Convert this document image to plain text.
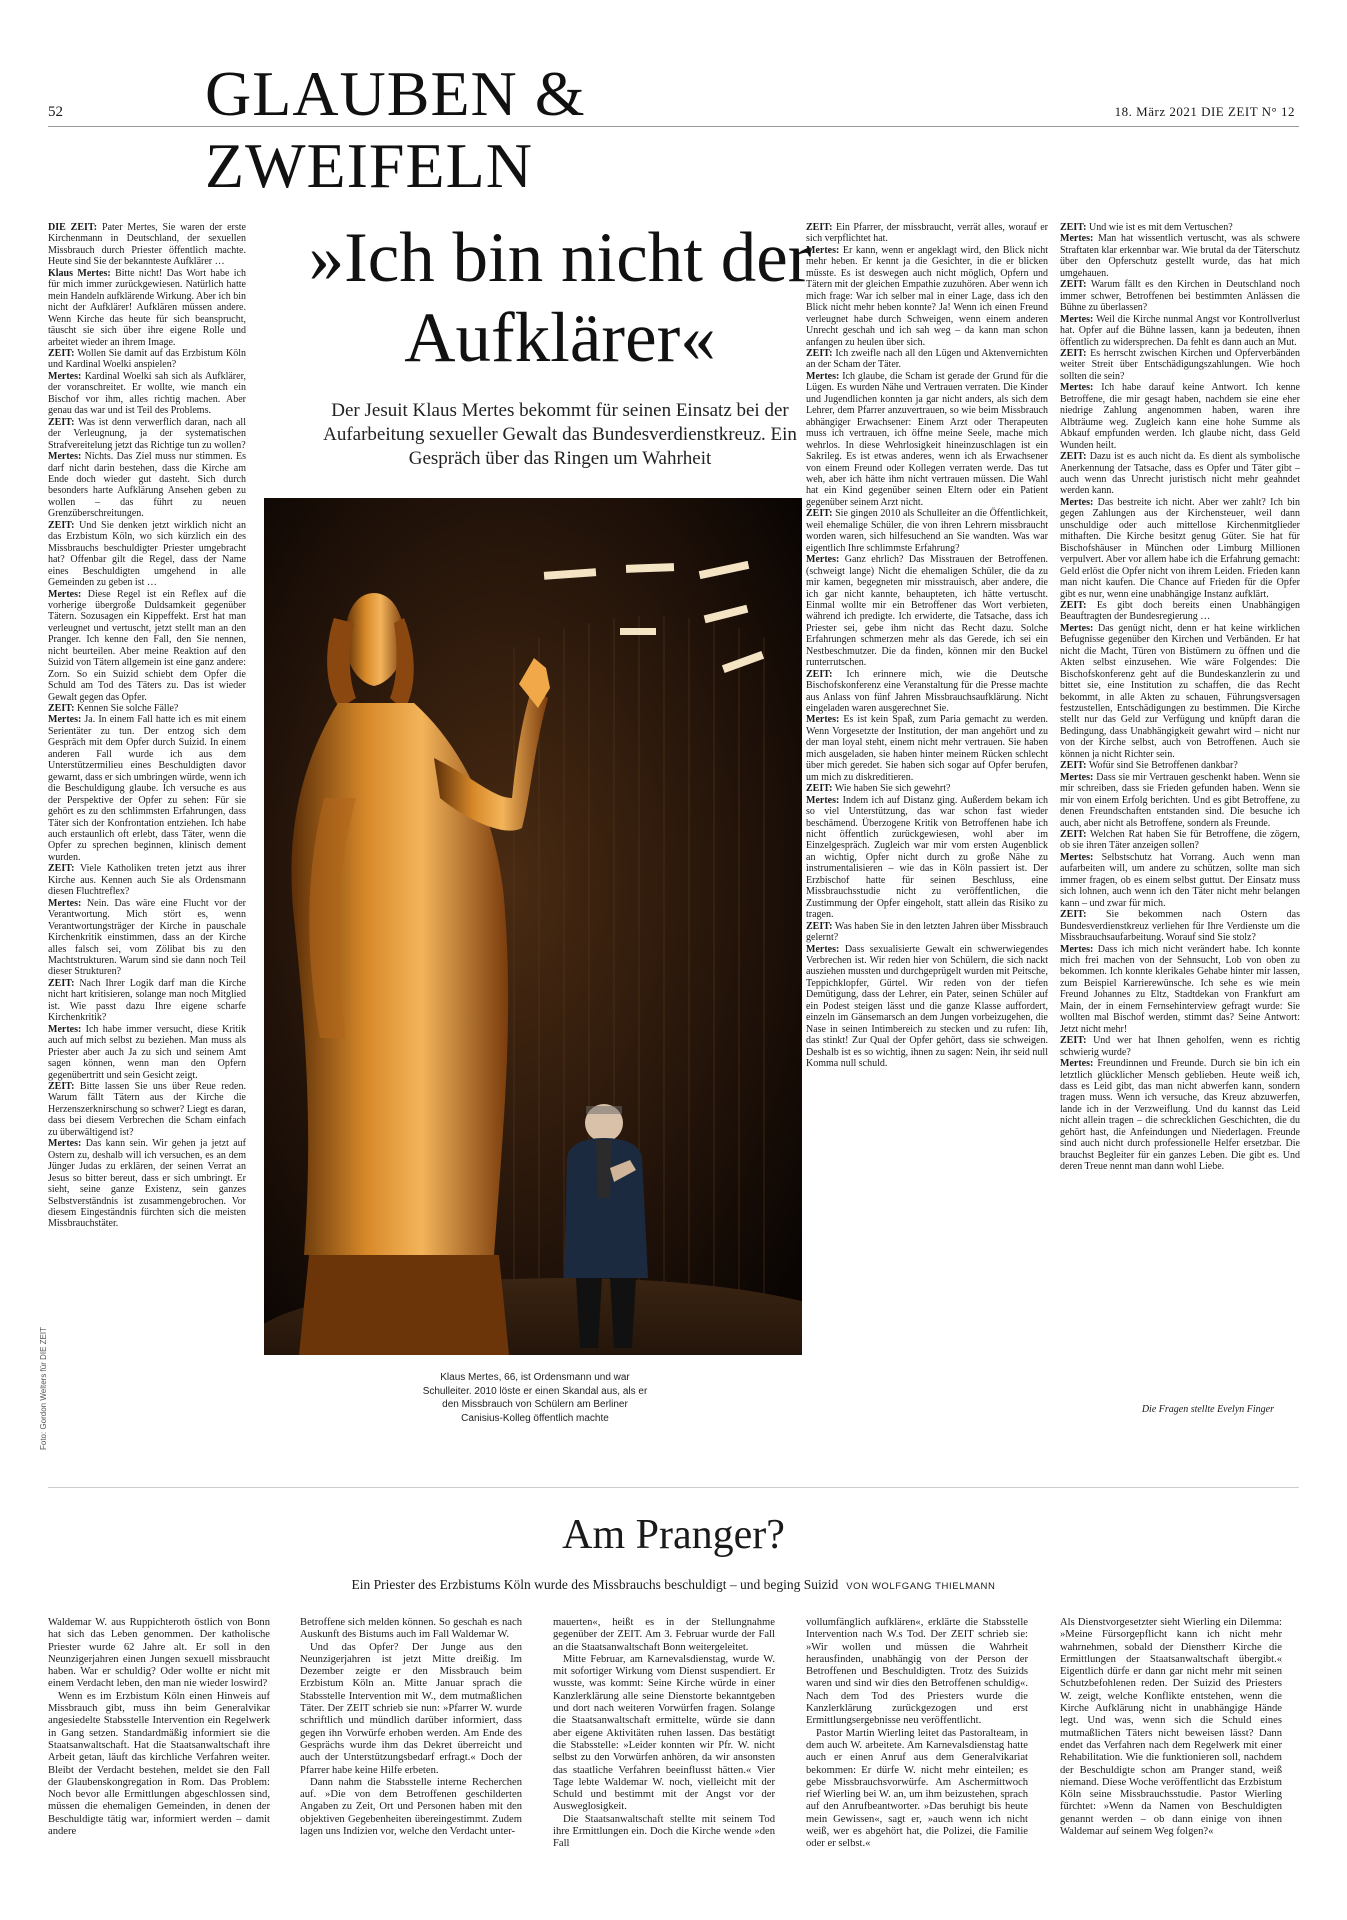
GLAUBEN & ZWEIFELN
52	18. März 2021 DIE ZEIT N° 12
»Ich bin nicht der Aufklärer«
Der Jesuit Klaus Mertes bekommt für seinen Einsatz bei der Aufarbeitung sexueller Gewalt das Bundesverdienstkreuz. Ein Gespräch über das Ringen um Wahrheit

DIE ZEIT: Pater Mertes, Sie waren der erste Kirchenmann in Deutschland, der sexuellen Missbrauch durch Priester öffentlich machte. Heute sind Sie der bekannteste Aufklärer …

Klaus Mertes: Bitte nicht! Das Wort habe ich für mich immer zurückgewiesen. Natürlich hatte mein Handeln aufklärende Wirkung. Aber ich bin nicht der Aufklärer! Aufklären müssen andere. Wenn Kirche das heute für sich beansprucht, täuscht sie sich über ihre eigene Rolle und arbeitet wieder an ihrem Image.

ZEIT: Wollen Sie damit auf das Erzbistum Köln und Kardinal Woelki anspielen?

Mertes: Kardinal Woelki sah sich als Aufklärer, der voranschreitet. Er wollte, wie manch ein Bischof vor ihm, alles richtig machen. Aber genau das war und ist Teil des Problems.

ZEIT: Was ist denn verwerflich daran, nach all der Verleugnung, ja der systematischen Strafvereitelung jetzt das Richtige tun zu wollen?

Mertes: Nichts. Das Ziel muss nur stimmen. Es darf nicht darin bestehen, dass die Kirche am Ende doch wieder gut dasteht. Sich durch besonders harte Aufklärung Ansehen geben zu wollen – das führt zu neuen Grenzüberschreitungen.

ZEIT: Und Sie denken jetzt wirklich nicht an das Erzbistum Köln, wo sich kürzlich ein des Missbrauchs beschuldigter Priester umgebracht hat? Offenbar gilt die Regel, dass der Name eines Beschuldigten umgehend in alle Gemeinden zu geben ist …

Mertes: Diese Regel ist ein Reflex auf die vorherige übergroße Duldsamkeit gegenüber Tätern. Sozusagen ein Kippeffekt. Erst hat man verleugnet und vertuscht, jetzt stellt man an den Pranger. Ich kenne den Fall, den Sie nennen, nicht beurteilen. Aber meine Reaktion auf den Suizid von Tätern allgemein ist eine ganz andere: Zorn. So ein Suizid schiebt dem Opfer die Schuld am Tod des Täters zu. Das ist wieder Gewalt gegen das Opfer.

ZEIT: Kennen Sie solche Fälle?

Mertes: Ja. In einem Fall hatte ich es mit einem Serientäter zu tun. Der entzog sich dem Gespräch mit dem Opfer durch Suizid. In einem anderen Fall wurde ich aus dem Unterstützermilieu eines Beschuldigten davor gewarnt, dass er sich umbringen würde, wenn ich die Beschuldigung glaube. Ich versuche es aus der Perspektive der Opfer zu sehen: Für sie gehört es zu den schlimmsten Erfahrungen, dass Täter sich der Konfrontation entziehen. Ich habe auch erstaunlich oft erlebt, dass Täter, wenn die Opfer zu sprechen beginnen, klinisch dement wurden.

ZEIT: Viele Katholiken treten jetzt aus ihrer Kirche aus. Kennen auch Sie als Ordensmann diesen Fluchtreflex?

Mertes: Nein. Das wäre eine Flucht vor der Verantwortung. Mich stört es, wenn Verantwortungsträger der Kirche in pauschale Kirchenkritik einstimmen, dass an der Kirche alles falsch sei, vom Zölibat bis zu den Machtstrukturen. Warum sind sie dann noch Teil dieser Strukturen?

ZEIT: Nach Ihrer Logik darf man die Kirche nicht hart kritisieren, solange man noch Mitglied ist. Wie passt dazu Ihre eigene scharfe Kirchenkritik?

Mertes: Ich habe immer versucht, diese Kritik auch auf mich selbst zu beziehen. Man muss als Priester aber auch Ja zu sich und seinem Amt sagen können, wenn man den Opfern gegenübertritt und sein Gesicht zeigt.

ZEIT: Bitte lassen Sie uns über Reue reden. Warum fällt Tätern aus der Kirche die Herzenszerknirschung so schwer? Liegt es daran, dass bei diesem Verbrechen die Scham einfach zu überwältigend ist?

Mertes: Das kann sein. Wir gehen ja jetzt auf Ostern zu, deshalb will ich versuchen, es an dem Jünger Judas zu erklären, der seinen Verrat an Jesus so bitter bereut, dass er sich umbringt. Er sieht, seine ganze Existenz, sein ganzes Selbstverständnis ist zusammengebrochen. Vor diesem Eingeständnis fürchten sich die meisten Missbrauchstäter.

ZEIT: Ein Pfarrer, der missbraucht, verrät alles, worauf er sich verpflichtet hat.

Mertes: Er kann, wenn er angeklagt wird, den Blick nicht mehr heben. Er kennt ja die Gesichter, in die er blicken müsste. Es ist deswegen auch nicht möglich, Opfern und Tätern mit der gleichen Empathie zuzuhören. Aber wenn ich mich frage: War ich selber mal in einer Lage, dass ich den Blick nicht mehr heben konnte? Ja! Wenn ich einen Freund verleugnet habe durch Schweigen, wenn einem anderen Unrecht geschah und ich sah weg – da kann man schon anfangen zu heulen über sich.

ZEIT: Ich zweifle nach all den Lügen und Aktenvernichten an der Scham der Täter.

Mertes: Ich glaube, die Scham ist gerade der Grund für die Lügen. Es wurden Nähe und Vertrauen verraten. Die Kinder und Jugendlichen konnten ja gar nicht anders, als sich dem Lehrer, dem Pfarrer anzuvertrauen, so wie beim Missbrauch abhängiger Erwachsener: Einem Arzt oder Therapeuten muss ich vertrauen, ich öffne meine Seele, mache mich wehrlos. In diese Wehrlosigkeit hineinzuschlagen ist ein Sakrileg. Es ist etwas anderes, wenn ich als Erwachsener von einem Freund oder Kollegen verraten werde. Das tut weh, aber ich hätte ihm nicht vertrauen müssen. Die Wahl hat ein Kind gegenüber seinen Eltern oder ein Patient gegenüber seinem Arzt nicht.

ZEIT: Sie gingen 2010 als Schulleiter an die Öffentlichkeit, weil ehemalige Schüler, die von ihren Lehrern missbraucht worden waren, sich hilfesuchend an Sie wandten. Was war eigentlich Ihre schlimmste Erfahrung?

Mertes: Ganz ehrlich? Das Misstrauen der Betroffenen. (schweigt lange) Nicht die ehemaligen Schüler, die da zu mir kamen, begegneten mir misstrauisch, aber andere, die ich gar nicht kannte, behaupteten, ich hätte vertuscht. Einmal wollte mir ein Betroffener das Wort verbieten, während ich predigte. Ich erwiderte, die Tatsache, dass ich Priester sei, gebe ihm nicht das Recht dazu. Solche Erfahrungen schmerzen mehr als das Gerede, ich sei ein Nestbeschmutzer. Die da finden, können mir den Buckel runterrutschen.

ZEIT: Ich erinnere mich, wie die Deutsche Bischofskonferenz eine Veranstaltung für die Presse machte aus Anlass von fünf Jahren Missbrauchsaufklärung. Nicht eingeladen waren ausgerechnet Sie.

Mertes: Es ist kein Spaß, zum Paria gemacht zu werden. Wenn Vorgesetzte der Institution, der man angehört und zu der man loyal steht, einem nicht mehr vertrauen. Sie haben mich ausgeladen, sie haben hinter meinem Rücken schlecht über mich geredet. Sie haben sich sogar auf Opfer berufen, um mich zu diskreditieren.

ZEIT: Wie haben Sie sich gewehrt?

Mertes: Indem ich auf Distanz ging. Außerdem bekam ich so viel Unterstützung, das war schon fast wieder beschämend. Überzogene Kritik von Betroffenen habe ich nicht öffentlich zurückgewiesen, wohl aber im Einzelgespräch. Zugleich war mir vom ersten Augenblick an wichtig, Opfer nicht durch zu große Nähe zu instrumentalisieren – wie das in Köln passiert ist. Der Erzbischof hatte für seinen Beschluss, eine Missbrauchsstudie nicht zu veröffentlichen, die Zustimmung der Opfer eingeholt, statt allein das Risiko zu tragen.

ZEIT: Was haben Sie in den letzten Jahren über Missbrauch gelernt?

Mertes: Dass sexualisierte Gewalt ein schwerwiegendes Verbrechen ist. Wir reden hier von Schülern, die sich nackt ausziehen mussten und durchgeprügelt wurden mit Peitsche, Teppichklopfer, Gürtel. Wir reden von der tiefen Demütigung, dass der Lehrer, ein Pater, seinen Schüler auf ein Podest steigen lässt und die ganze Klasse auffordert, einzeln im Gänsemarsch an dem Jungen vorbeizugehen, die Nase in seinen Intimbereich zu stecken und zu rufen: Iih, das stinkt! Zur Qual der Opfer gehört, dass sie schweigen. Deshalb ist es so wichtig, ihnen zu sagen: Nein, ihr seid null Komma null schuld.

ZEIT: Und wie ist es mit dem Vertuschen?

Mertes: Man hat wissentlich vertuscht, was als schwere Straftaten klar erkennbar war. Wie brutal da der Täterschutz über den Opferschutz gestellt wurde, das hat mich umgehauen.

ZEIT: Warum fällt es den Kirchen in Deutschland noch immer schwer, Betroffenen bei bestimmten Anlässen die Bühne zu überlassen?

Mertes: Weil die Kirche nunmal Angst vor Kontrollverlust hat. Opfer auf die Bühne lassen, kann ja bedeuten, ihnen öffentlich zu widersprechen. Da fehlt es dann auch an Mut.

ZEIT: Es herrscht zwischen Kirchen und Opferverbänden weiter Streit über Entschädigungszahlungen. Wie hoch sollten die sein?

Mertes: Ich habe darauf keine Antwort. Ich kenne Betroffene, die mir gesagt haben, nachdem sie eine eher niedrige Zahlung angenommen haben, waren ihre Albträume weg. Zugleich kann eine hohe Summe als Abkauf empfunden werden. Ich glaube nicht, dass Geld Wunden heilt.

ZEIT: Dazu ist es auch nicht da. Es dient als symbolische Anerkennung der Tatsache, dass es Opfer und Täter gibt – auch wenn das Unrecht juristisch nicht mehr geahndet werden kann.

Mertes: Das bestreite ich nicht. Aber wer zahlt? Ich bin gegen Zahlungen aus der Kirchensteuer, weil dann unschuldige oder auch mittellose Kirchenmitglieder mithaften. Die Kirche besitzt genug Güter. Sie hat für Bischofshäuser in München oder Limburg Millionen verpulvert. Aber vor allem habe ich die Erfahrung gemacht: Geld erlöst die Opfer nicht von ihrem Leiden. Frieden kann man nicht kaufen. Die Chance auf Frieden für die Opfer gibt es nur, wenn eine unabhängige Instanz aufklärt.

ZEIT: Es gibt doch bereits einen Unabhängigen Beauftragten der Bundesregierung …

Mertes: Das genügt nicht, denn er hat keine wirklichen Befugnisse gegenüber den Kirchen und Verbänden. Er hat nicht die Macht, Türen von Bistümern zu öffnen und die Akten selbst einzusehen. Wie wäre Folgendes: Die Bischofskonferenz geht auf die Bundeskanzlerin zu und bittet sie, eine Institution zu schaffen, die das Recht bekommt, in alle Akten zu schauen, Führungsversagen festzustellen, Entschädigungen zu bestimmen. Die Kirche stellt nur das Geld zur Verfügung und knüpft daran die Bedingung, dass Unabhängigkeit gewahrt wird – nicht nur von der Kirche selbst, auch von Betroffenen. Auch sie können ja nicht Richter sein.

ZEIT: Wofür sind Sie Betroffenen dankbar?

Mertes: Dass sie mir Vertrauen geschenkt haben. Wenn sie mir schreiben, dass sie Frieden gefunden haben. Wenn sie mir von einem Erfolg berichten. Und es gibt Betroffene, zu denen Freundschaften entstanden sind. Die besuche ich auch, aber nicht als Betroffene, sondern als Freunde.

ZEIT: Welchen Rat haben Sie für Betroffene, die zögern, ob sie ihren Täter anzeigen sollen?

Mertes: Selbstschutz hat Vorrang. Auch wenn man aufarbeiten will, um andere zu schützen, sollte man sich immer fragen, ob es einem selbst guttut. Der Einsatz muss sich lohnen, auch wenn ich den Täter nicht mehr belangen kann – und zwar für mich.

ZEIT: Sie bekommen nach Ostern das Bundesverdienstkreuz verliehen für Ihre Verdienste um die Missbrauchsaufarbeitung. Worauf sind Sie stolz?

Mertes: Dass ich mich nicht verändert habe. Ich konnte mich frei machen von der Sehnsucht, Lob von oben zu bekommen. Ich konnte klerikales Gehabe hinter mir lassen, zum Beispiel Karrierewünsche. Ich sehe es wie mein Freund Johannes zu Eltz, Stadtdekan von Frankfurt am Main, der in einem Fernsehinterview gefragt wurde: Sie wollten mal Bischof werden, stimmt das? Seine Antwort: Jetzt nicht mehr!

ZEIT: Und wer hat Ihnen geholfen, wenn es richtig schwierig wurde?

Mertes: Freundinnen und Freunde. Durch sie bin ich ein letztlich glücklicher Mensch geblieben. Heute weiß ich, dass es Leid gibt, das man nicht abwerfen kann, sondern tragen muss. Wenn ich versuche, das Kreuz abzuwerfen, lande ich in der Verzweiflung. Und du kannst das Leid nicht allein tragen – die schrecklichen Geschichten, die du gehört hast, die Anfeindungen und Niederlagen. Freunde sind auch nicht durch professionelle Helfer ersetzbar. Die brauchst Begleiter für ein ganzes Leben. Die gibt es. Und deren Treue nennt man dann wohl Liebe.

Die Fragen stellte Evelyn Finger
Foto: Gordon Welters für DIE ZEIT	Klaus Mertes, 66, ist Ordensmann und war Schulleiter. 2010 löste er einen Skandal aus, als er den Missbrauch von Schülern am Berliner Canisius-Kolleg öffentlich machte
Am Pranger?
Ein Priester des Erzbistums Köln wurde des Missbrauchs beschuldigt – und beging Suizid VON WOLFGANG THIELMANN

Waldemar W. aus Ruppichteroth östlich von Bonn hat sich das Leben genommen. Der katholische Priester wurde 62 Jahre alt. Er soll in den Neunzigerjahren einen Jungen sexuell missbraucht haben. War er schuldig? Oder wollte er nicht mit einem Verdacht leben, den man nie wieder loswird?

Wenn es im Erzbistum Köln einen Hinweis auf Missbrauch gibt, muss ihn beim Generalvikar angesiedelte Stabsstelle Intervention ein Regelwerk in Gang setzen. Standardmäßig informiert sie die Staatsanwaltschaft. Hat die Staatsanwaltschaft ihre Arbeit getan, läuft das kirchliche Verfahren weiter. Bleibt der Verdacht bestehen, meldet sie den Fall der Glaubenskongregation in Rom. Das Problem: Noch bevor alle Ermittlungen abgeschlossen sind, müssen die ehemaligen Gemeinden, in denen der Beschuldigte tätig war, informiert werden – damit andere

Betroffene sich melden können. So geschah es nach Auskunft des Bistums auch im Fall Waldemar W.

Und das Opfer? Der Junge aus den Neunzigerjahren ist jetzt Mitte dreißig. Im Dezember zeigte er den Missbrauch beim Erzbistum Köln an. Mitte Januar sprach die Stabsstelle Intervention mit W., dem mutmaßlichen Täter. Der ZEIT schrieb sie nun: »Pfarrer W. wurde schriftlich und mündlich darüber informiert, dass gegen ihn Vorwürfe erhoben werden. Am Ende des Gesprächs wurde ihm das Dekret überreicht und auch der Unterstützungsbedarf erfragt.« Doch der Pfarrer habe keine Hilfe erbeten.

Dann nahm die Stabsstelle interne Recherchen auf. »Die von dem Betroffenen geschilderten Angaben zu Zeit, Ort und Personen haben mit den objektiven Gegebenheiten übereingestimmt. Zudem lagen uns Indizien vor, welche den Verdacht unter-

mauerten«, heißt es in der Stellungnahme gegenüber der ZEIT. Am 3. Februar wurde der Fall an die Staatsanwaltschaft Bonn weitergeleitet.

Mitte Februar, am Karnevalsdienstag, wurde W. mit sofortiger Wirkung vom Dienst suspendiert. Er wusste, was kommt: Seine Kirche würde in einer Kanzlerklärung alle seine Dienstorte bekanntgeben und dort nach weiteren Vorwürfen fragen. Solange die Staatsanwaltschaft ermittelte, würde sie dann aber eigene Aktivitäten ruhen lassen. Das bestätigt die Stabsstelle: »Leider konnten wir Pfr. W. nicht selbst zu den Vorwürfen anhören, da wir ansonsten das staatliche Verfahren beeinflusst hätten.« Vier Tage lebte Waldemar W. noch, vielleicht mit der Schuld und bestimmt mit der Angst vor der Ausweglosigkeit.

Die Staatsanwaltschaft stellte mit seinem Tod ihre Ermittlungen ein. Doch die Kirche wende »den Fall

vollumfänglich aufklären«, erklärte die Stabsstelle Intervention nach W.s Tod. Der ZEIT schrieb sie: »Wir wollen und müssen die Wahrheit herausfinden, unabhängig von der Person der Betroffenen und Beschuldigten. Trotz des Suizids waren und sind wir dies den Betroffenen schuldig«. Nach dem Tod des Priesters wurde die Kanzlerklärung zurückgezogen und erst Ermittlungsergebnisse neu veröffentlicht.

Pastor Martin Wierling leitet das Pastoralteam, in dem auch W. arbeitete. Am Karnevalsdienstag hatte auch er einen Anruf aus dem Generalvikariat bekommen: Er dürfe W. nicht mehr einteilen; es gebe Missbrauchsvorwürfe. Am Aschermittwoch rief Wierling bei W. an, um ihm beizustehen, sprach auf den Anrufbeantworter. »Das beruhigt bis heute mein Gewissen«, sagt er, »auch wenn ich nicht weiß, wer es abgehört hat, die Polizei, die Familie oder er selbst.«

Als Dienstvorgesetzter sieht Wierling ein Dilemma: »Meine Fürsorgepflicht kann ich nicht mehr wahrnehmen, sobald der Dienstherr Kirche die Ermittlungen der Staatsanwaltschaft übergibt.« Eigentlich dürfe er dann gar nicht mehr mit seinen Schutzbefohlenen reden. Der Suizid des Priesters W. zeigt, welche Konflikte entstehen, wenn die Kirche Aufklärung nicht in unabhängige Hände legt. Und was, wenn sich die Schuld eines mutmaßlichen Täters nicht beweisen lässt? Dann endet das Verfahren nach dem Regelwerk mit einer Rehabilitation. Wie die funktionieren soll, nachdem der Beschuldigte schon am Pranger stand, weiß niemand. Diese Woche veröffentlicht das Erzbistum Köln seine Missbrauchsstudie. Pastor Wierling fürchtet: »Wenn da Namen von Beschuldigten genannt werden – ob dann einige von ihnen Waldemar auf seinem Weg folgen?«
